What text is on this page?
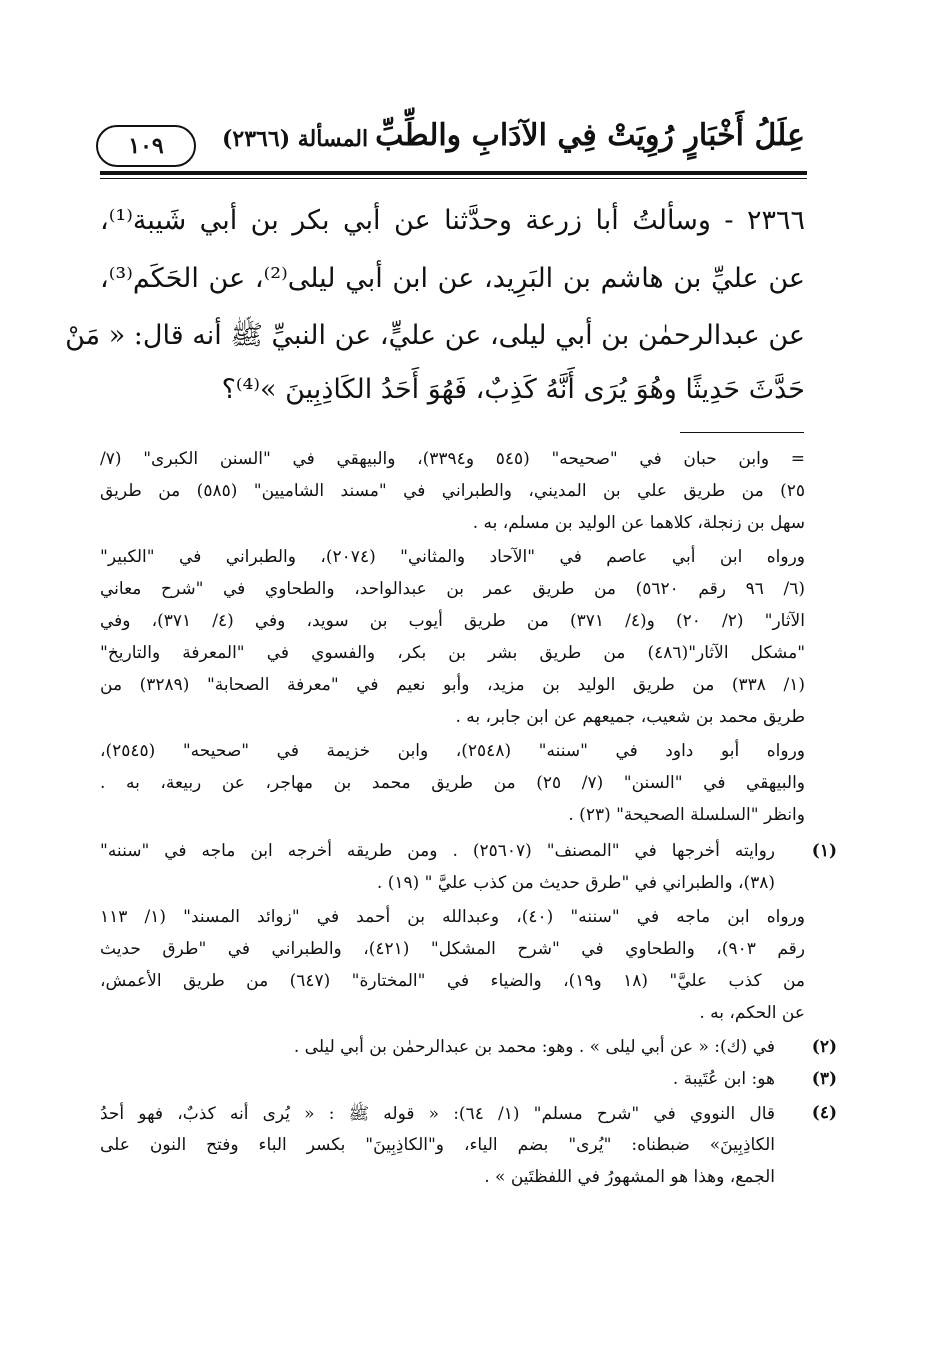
عِلَلُ أَخْبَارٍ رُوِيَتْ فِي الآدَابِ والطِّبِّ
المسألة (٢٣٦٦)
١٠٩
٢٣٦٦ - وسألتُ أبا زرعة وحدَّثنا عن أبي بكر بن أبي شَيبة⁽¹⁾،
عن عليِّ بن هاشم بن البَرِيد، عن ابن أبي ليلى⁽²⁾، عن الحَكَم⁽³⁾،
عن عبدالرحمٰن بن أبي ليلى، عن عليٍّ، عن النبيِّ ﷺ أنه قال: « مَنْ
حَدَّثَ حَدِيثًا وهُوَ يُرَى أَنَّهُ كَذِبٌ، فَهُوَ أَحَدُ الكَاذِبِينَ »⁽⁴⁾؟
= وابن حبان في "صحيحه" (٥٤٥ و٣٣٩٤)، والبيهقي في "السنن الكبرى" (٧/
٢٥) من طريق علي بن المديني، والطبراني في "مسند الشاميين" (٥٨٥) من طريق
سهل بن زنجلة، كلاهما عن الوليد بن مسلم، به .
ورواه ابن أبي عاصم في "الآحاد والمثاني" (٢٠٧٤)، والطبراني في "الكبير"
(٦/ ٩٦ رقم ٥٦٢٠) من طريق عمر بن عبدالواحد، والطحاوي في "شرح معاني
الآثار" (٢/ ٢٠) و(٤/ ٣٧١) من طريق أيوب بن سويد، وفي (٤/ ٣٧١)، وفي
"مشكل الآثار"(٤٨٦) من طريق بشر بن بكر، والفسوي في "المعرفة والتاريخ"
(١/ ٣٣٨) من طريق الوليد بن مزيد، وأبو نعيم في "معرفة الصحابة" (٣٢٨٩) من
طريق محمد بن شعيب، جميعهم عن ابن جابر، به .
ورواه أبو داود في "سننه" (٢٥٤٨)، وابن خزيمة في "صحيحه" (٢٥٤٥)،
والبيهقي في "السنن" (٧/ ٢٥) من طريق محمد بن مهاجر، عن ربيعة، به .
وانظر "السلسلة الصحيحة" (٢٣) .
(١)
روايته أخرجها في "المصنف" (٢٥٦٠٧) . ومن طريقه أخرجه ابن ماجه في "سننه"
(٣٨)، والطبراني في "طرق حديث من كذب عليَّ " (١٩) .
ورواه ابن ماجه في "سننه" (٤٠)، وعبدالله بن أحمد في "زوائد المسند" (١/ ١١٣
رقم ٩٠٣)، والطحاوي في "شرح المشكل" (٤٢١)، والطبراني في "طرق حديث
من كذب عليَّ" (١٨ و١٩)، والضياء في "المختارة" (٦٤٧) من طريق الأعمش،
عن الحكم، به .
(٢)
في (ك): « عن أبي ليلى » . وهو: محمد بن عبدالرحمٰن بن أبي ليلى .
(٣)
هو: ابن عُتَيبة .
(٤)
قال النووي في "شرح مسلم" (١/ ٦٤): « قوله ﷺ : « يُرى أنه كذبٌ، فهو أحدُ
الكاذِبِينَ» ضبطناه: "يُرى" بضم الياء، و"الكاذِبِينَ" بكسر الباء وفتح النون على
الجمع، وهذا هو المشهورُ في اللفظتَين » .
